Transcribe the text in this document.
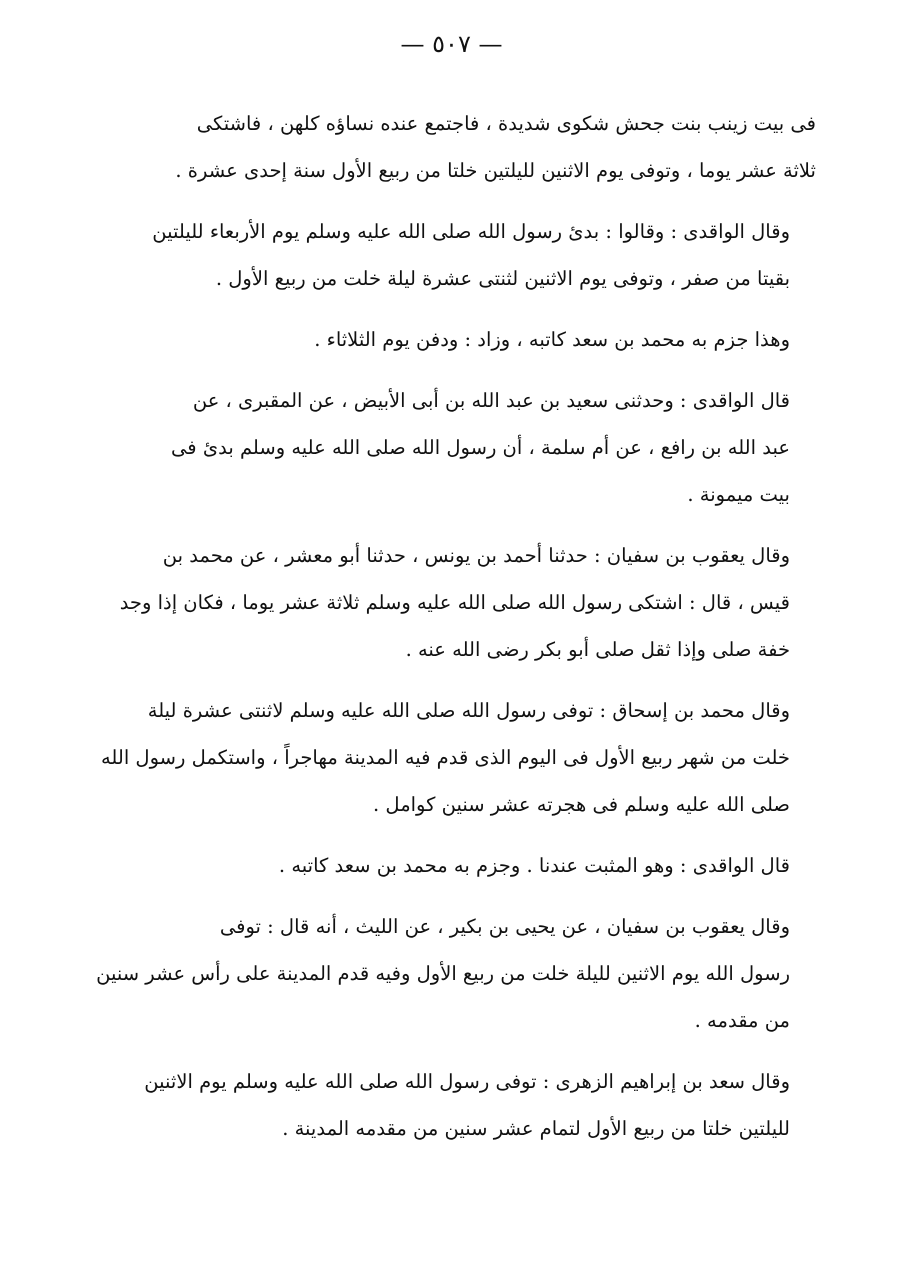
— ٥٠٧ —

فى بيت زينب بنت جحش شكوى شديدة ، فاجتمع عنده نساؤه كلهن ، فاشتكى
ثلاثة عشر يوما ، وتوفى يوم الاثنين لليلتين خلتا من ربيع الأول سنة إحدى عشرة .

وقال الواقدى : وقالوا : بدئ رسول الله صلى الله عليه وسلم يوم الأربعاء لليلتين
بقيتا من صفر ، وتوفى يوم الاثنين لثنتى عشرة ليلة خلت من ربيع الأول .

وهذا جزم به محمد بن سعد كاتبه ، وزاد : ودفن يوم الثلاثاء .

قال الواقدى : وحدثنى سعيد بن عبد الله بن أبى الأبيض ، عن المقبرى ، عن
عبد الله بن رافع ، عن أم سلمة ، أن رسول الله صلى الله عليه وسلم بدئ فى
بيت ميمونة .

وقال يعقوب بن سفيان : حدثنا أحمد بن يونس ، حدثنا أبو معشر ، عن محمد بن
قيس ، قال : اشتكى رسول الله صلى الله عليه وسلم ثلاثة عشر يوما ، فكان إذا وجد
خفة صلى وإذا ثقل صلى أبو بكر رضى الله عنه .

وقال محمد بن إسحاق : توفى رسول الله صلى الله عليه وسلم لاثنتى عشرة ليلة
خلت من شهر ربيع الأول فى اليوم الذى قدم فيه المدينة مهاجراً ، واستكمل رسول الله
صلى الله عليه وسلم فى هجرته عشر سنين كوامل .

قال الواقدى : وهو المثبت عندنا . وجزم به محمد بن سعد كاتبه .

وقال يعقوب بن سفيان ، عن يحيى بن بكير ، عن الليث ، أنه قال : توفى
رسول الله يوم الاثنين لليلة خلت من ربيع الأول وفيه قدم المدينة على رأس عشر سنين
من مقدمه .

وقال سعد بن إبراهيم الزهرى : توفى رسول الله صلى الله عليه وسلم يوم الاثنين
لليلتين خلتا من ربيع الأول لتمام عشر سنين من مقدمه المدينة .
